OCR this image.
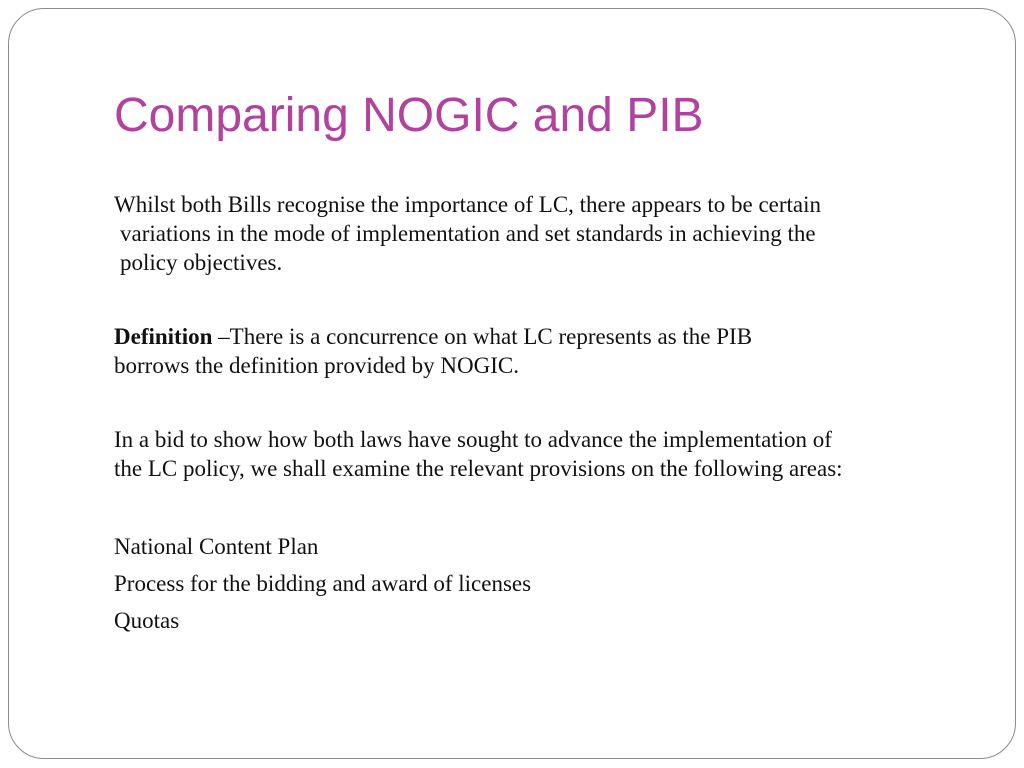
Comparing NOGIC and PIB

Whilst both Bills recognise the importance of LC, there appears to be certain
variations in the mode of implementation and set standards in achieving the
policy objectives.

Definition –There is a concurrence on what LC represents as the PIB
borrows the definition provided by NOGIC.

In a bid to show how both laws have sought to advance the implementation of
the LC policy, we shall examine the relevant provisions on the following areas:

National Content Plan
Process for the bidding and award of licenses
Quotas
